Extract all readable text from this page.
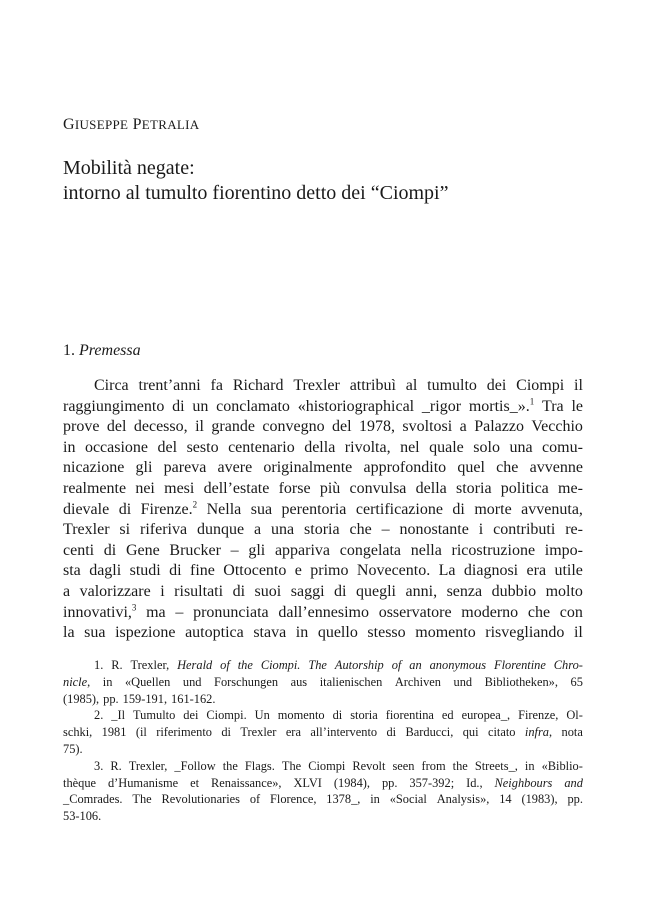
GIUSEPPE PETRALIA
Mobilità negate:
intorno al tumulto fiorentino detto dei “Ciompi”
1. Premessa
Circa trent’anni fa Richard Trexler attribuì al tumulto dei Ciompi il
raggiungimento di un conclamato «historiographical _rigor mortis_».$^1$ Tra le
prove del decesso, il grande convegno del 1978, svoltosi a Palazzo Vecchio
in occasione del sesto centenario della rivolta, nel quale solo una comu-
nicazione gli pareva avere originalmente approfondito quel che avvenne
realmente nei mesi dell’estate forse più convulsa della storia politica me-
dievale di Firenze.$^2$ Nella sua perentoria certificazione di morte avvenuta,
Trexler si riferiva dunque a una storia che – nonostante i contributi re-
centi di Gene Brucker – gli appariva congelata nella ricostruzione impo-
sta dagli studi di fine Ottocento e primo Novecento. La diagnosi era utile
a valorizzare i risultati di suoi saggi di quegli anni, senza dubbio molto
innovativi,$^3$ ma – pronunciata dall’ennesimo osservatore moderno che con
la sua ispezione autoptica stava in quello stesso momento risvegliando il
1. R. Trexler, Herald of the Ciompi. The Autorship of an anonymous Florentine Chro-
nicle, in «Quellen und Forschungen aus italienischen Archiven und Bibliotheken», 65
(1985), pp. 159-191, 161-162.
2. _Il Tumulto dei Ciompi. Un momento di storia fiorentina ed europea_, Firenze, Ol-
schki, 1981 (il riferimento di Trexler era all’intervento di Barducci, qui citato infra, nota
75).
3. R. Trexler, _Follow the Flags. The Ciompi Revolt seen from the Streets_, in «Biblio-
thèque d’Humanisme et Renaissance», XLVI (1984), pp. 357-392; Id., Neighbours and
_Comrades. The Revolutionaries of Florence, 1378_, in «Social Analysis», 14 (1983), pp.
53-106.
